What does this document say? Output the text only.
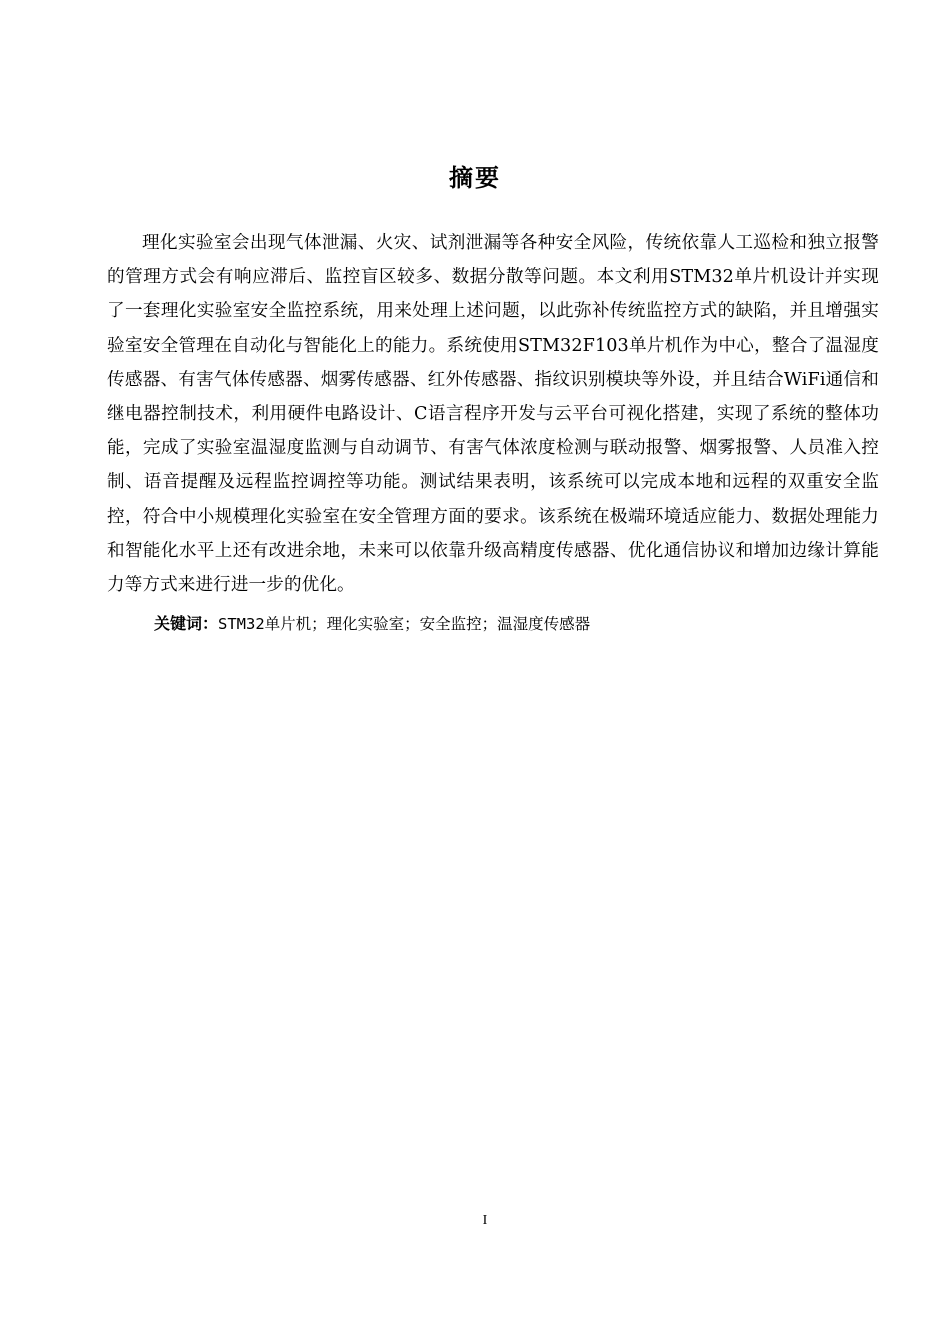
摘要

理化实验室会出现气体泄漏、火灾、试剂泄漏等各种安全风险，传统依靠人工巡检和独立报警的管理方式会有响应滞后、监控盲区较多、数据分散等问题。本文利用STM32单片机设计并实现了一套理化实验室安全监控系统，用来处理上述问题，以此弥补传统监控方式的缺陷，并且增强实验室安全管理在自动化与智能化上的能力。系统使用STM32F103单片机作为中心，整合了温湿度传感器、有害气体传感器、烟雾传感器、红外传感器、指纹识别模块等外设，并且结合WiFi通信和继电器控制技术，利用硬件电路设计、C语言程序开发与云平台可视化搭建，实现了系统的整体功能，完成了实验室温湿度监测与自动调节、有害气体浓度检测与联动报警、烟雾报警、人员准入控制、语音提醒及远程监控调控等功能。测试结果表明，该系统可以完成本地和远程的双重安全监控，符合中小规模理化实验室在安全管理方面的要求。该系统在极端环境适应能力、数据处理能力和智能化水平上还有改进余地，未来可以依靠升级高精度传感器、优化通信协议和增加边缘计算能力等方式来进行进一步的优化。

关键词：STM32单片机；理化实验室；安全监控；温湿度传感器
I
